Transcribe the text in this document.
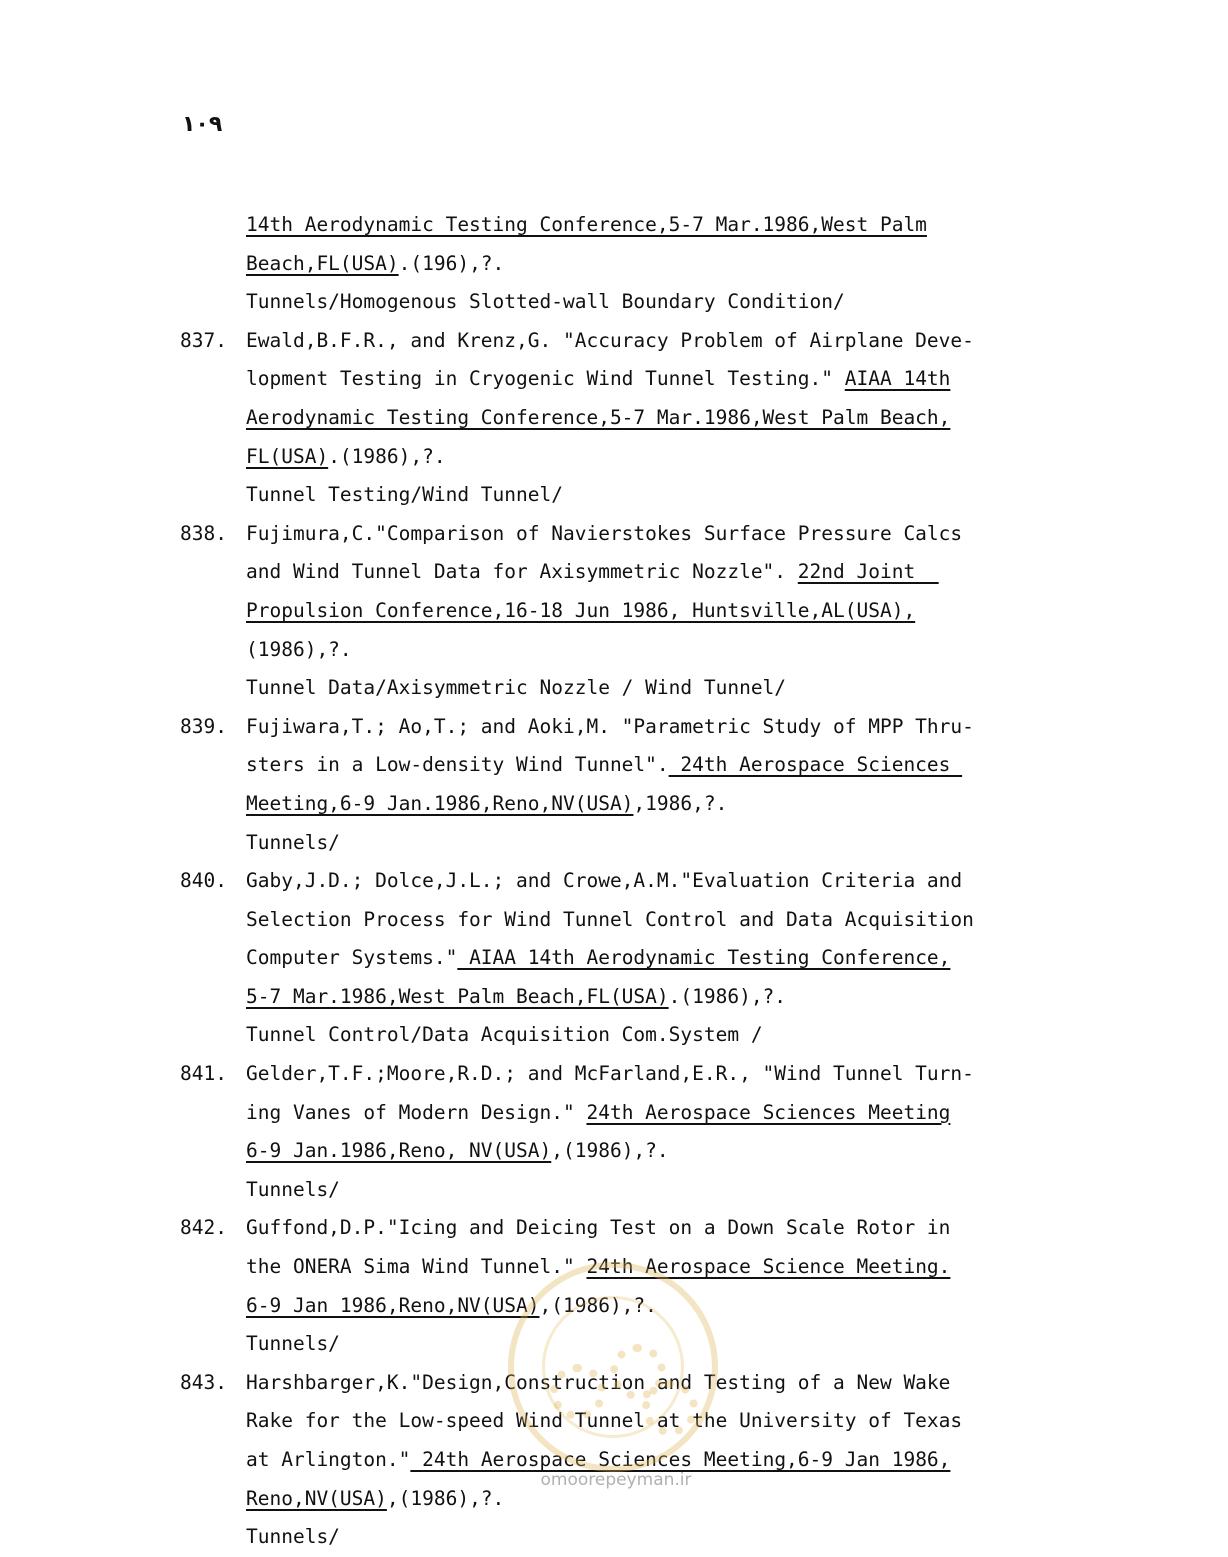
١٠٩
14th Aerodynamic Testing Conference,5-7 Mar.1986,West Palm
Beach,FL(USA).(196),?.
Tunnels/Homogenous Slotted-wall Boundary Condition/
837. Ewald,B.F.R., and Krenz,G. "Accuracy Problem of Airplane Deve-
lopment Testing in Cryogenic Wind Tunnel Testing." AIAA 14th
Aerodynamic Testing Conference,5-7 Mar.1986,West Palm Beach,
FL(USA).(1986),?.
Tunnel Testing/Wind Tunnel/
838. Fujimura,C."Comparison of Navierstokes Surface Pressure Calcs
and Wind Tunnel Data for Axisymmetric Nozzle". 22nd Joint
Propulsion Conference,16-18 Jun 1986, Huntsville,AL(USA),
(1986),?.
Tunnel Data/Axisymmetric Nozzle / Wind Tunnel/
839. Fujiwara,T.; Ao,T.; and Aoki,M. "Parametric Study of MPP Thru-
sters in a Low-density Wind Tunnel". 24th Aerospace Sciences
Meeting,6-9 Jan.1986,Reno,NV(USA),1986,?.
Tunnels/
840. Gaby,J.D.; Dolce,J.L.; and Crowe,A.M."Evaluation Criteria and
Selection Process for Wind Tunnel Control and Data Acquisition
Computer Systems." AIAA 14th Aerodynamic Testing Conference,
5-7 Mar.1986,West Palm Beach,FL(USA).(1986),?.
Tunnel Control/Data Acquisition Com.System /
841. Gelder,T.F.;Moore,R.D.; and McFarland,E.R., "Wind Tunnel Turn-
ing Vanes of Modern Design." 24th Aerospace Sciences Meeting
6-9 Jan.1986,Reno, NV(USA),(1986),?.
Tunnels/
842. Guffond,D.P."Icing and Deicing Test on a Down Scale Rotor in
the ONERA Sima Wind Tunnel." 24th Aerospace Science Meeting.
6-9 Jan 1986,Reno,NV(USA),(1986),?.
Tunnels/
843. Harshbarger,K."Design,Construction and Testing of a New Wake
Rake for the Low-speed Wind Tunnel at the University of Texas
at Arlington." 24th Aerospace Sciences Meeting,6-9 Jan 1986,
Reno,NV(USA),(1986),?.
Tunnels/
omoorepeyman.ir
